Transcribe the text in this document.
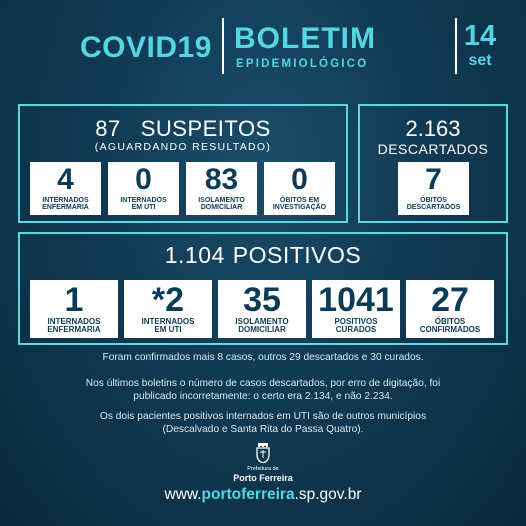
COVID19 BOLETIM
EPIDEMIOLÓGICO
14
set
87 SUSPEITOS
(AGUARDANDO RESULTADO)
4
INTERNADOS
ENFERMARIA
0
INTERNADOS
EM UTI
83
ISOLAMENTO
DOMICILIAR
0
ÓBITOS EM
INVESTIGAÇÃO
2.163
DESCARTADOS
7
ÓBITOS
DESCARTADOS
1.104 POSITIVOS
1
INTERNADOS
ENFERMARIA
*2
INTERNADOS
EM UTI
35
ISOLAMENTO
DOMICILIAR
1041
POSITIVOS
CURADOS
27
ÓBITOS
CONFIRMADOS
Foram confirmados mais 8 casos, outros 29 descartados e 30 curados.
Nos últimos boletins o número de casos descartados, por erro de digitação, foi
publicado incorretamente: o certo era 2.134, e não 2.234.
Os dois pacientes positivos internados em UTI são de outros municípios
(Descalvado e Santa Rita do Passa Quatro).
Prefeitura de
Porto Ferreira
www.portoferreira.sp.gov.br
